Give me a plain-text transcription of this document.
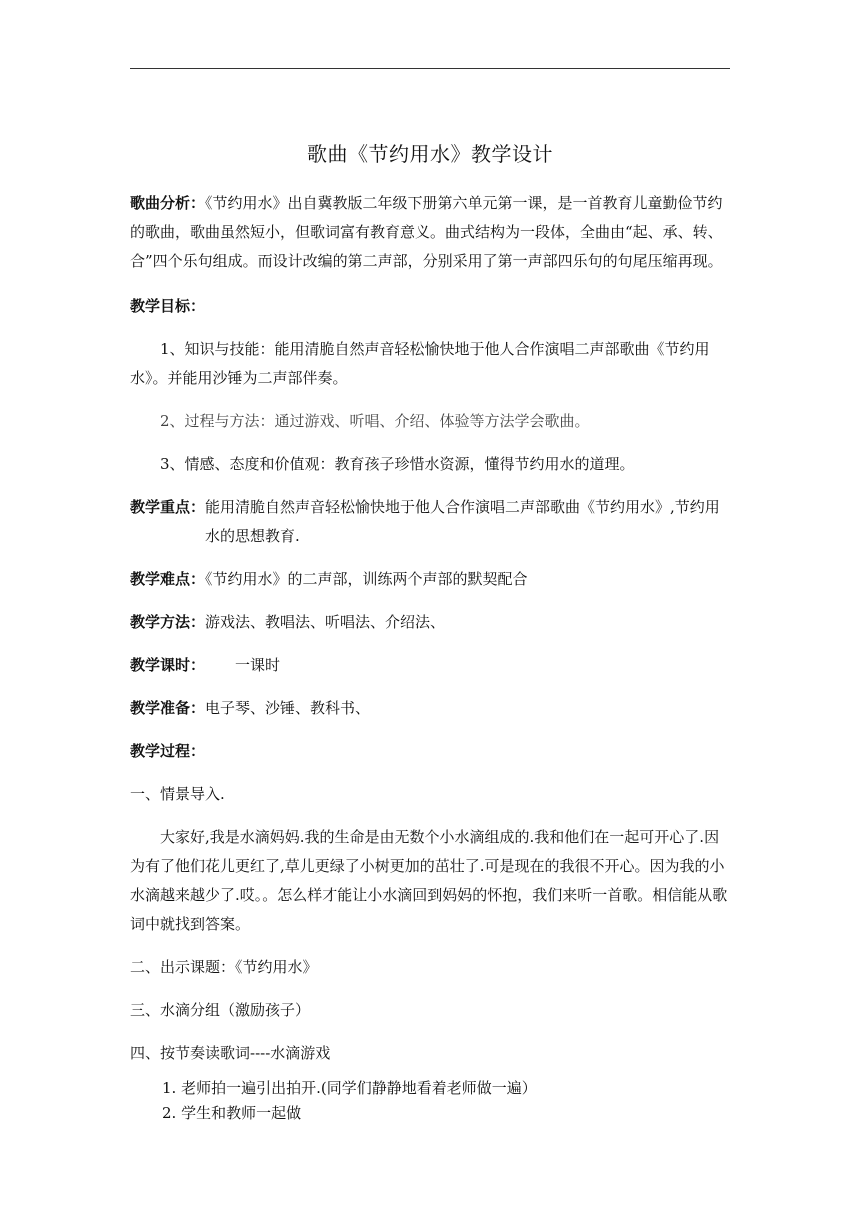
歌曲《节约用水》教学设计

歌曲分析：《节约用水》出自冀教版二年级下册第六单元第一课，是一首教育儿童勤俭节约的歌曲，歌曲虽然短小，但歌词富有教育意义。曲式结构为一段体，全曲由“起、承、转、合”四个乐句组成。而设计改编的第二声部，分别采用了第一声部四乐句的句尾压缩再现。

教学目标：

1、知识与技能：能用清脆自然声音轻松愉快地于他人合作演唱二声部歌曲《节约用水》。并能用沙锤为二声部伴奏。

2、过程与方法：通过游戏、听唱、介绍、体验等方法学会歌曲。

3、情感、态度和价值观：教育孩子珍惜水资源，懂得节约用水的道理。

教学重点： 能用清脆自然声音轻松愉快地于他人合作演唱二声部歌曲《节约用水》,节约用水的思想教育.

教学难点：《节约用水》的二声部，训练两个声部的默契配合

教学方法：游戏法、教唱法、听唱法、介绍法、

教学课时： 一课时

教学准备：电子琴、沙锤、教科书、

教学过程：

一、情景导入.

大家好,我是水滴妈妈.我的生命是由无数个小水滴组成的.我和他们在一起可开心了.因为有了他们花儿更红了,草儿更绿了小树更加的茁壮了.可是现在的我很不开心。因为我的小水滴越来越少了.哎。。怎么样才能让小水滴回到妈妈的怀抱，我们来听一首歌。相信能从歌词中就找到答案。

二、出示课题：《节约用水》

三、水滴分组（激励孩子）

四、按节奏读歌词----水滴游戏

1. 老师拍一遍引出拍开.(同学们静静地看着老师做一遍）

2. 学生和教师一起做
